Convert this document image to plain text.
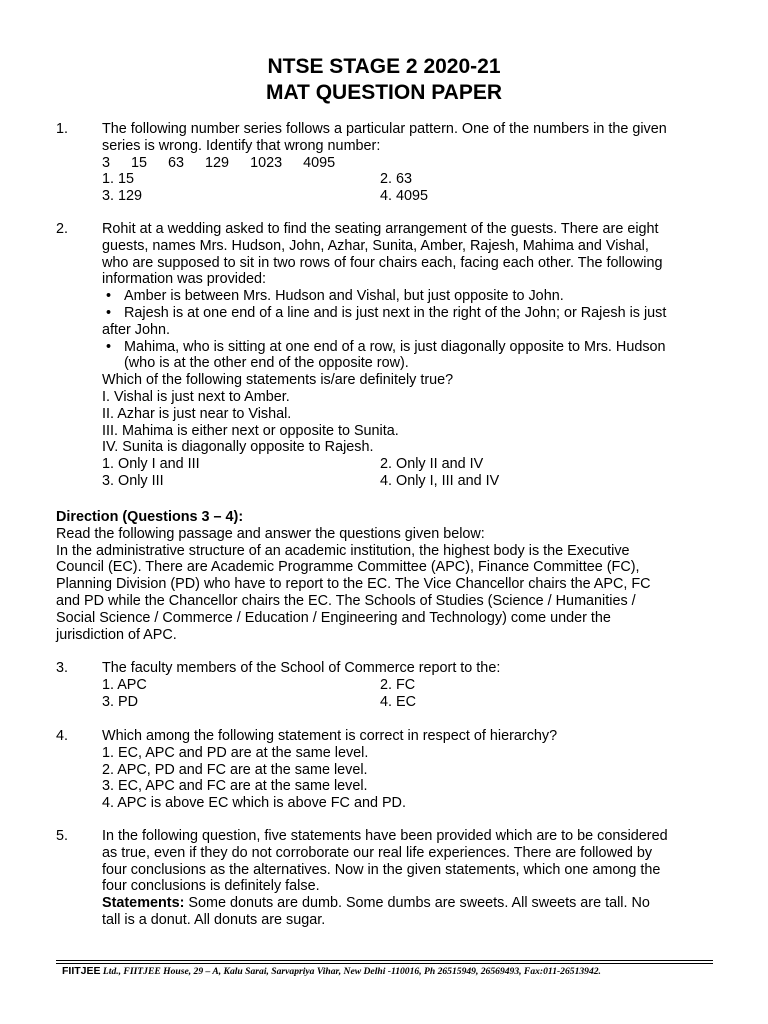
NTSE STAGE 2 2020-21
MAT QUESTION PAPER
1. The following number series follows a particular pattern. One of the numbers in the given
series is wrong. Identify that wrong number:
3 15 63 129 1023 4095
1. 15	2. 63
3. 129	4. 4095
2. Rohit at a wedding asked to find the seating arrangement of the guests. There are eight
guests, names Mrs. Hudson, John, Azhar, Sunita, Amber, Rajesh, Mahima and Vishal,
who are supposed to sit in two rows of four chairs each, facing each other. The following
information was provided:
• Amber is between Mrs. Hudson and Vishal, but just opposite to John.
• Rajesh is at one end of a line and is just next in the right of the John; or Rajesh is just
after John.
• Mahima, who is sitting at one end of a row, is just diagonally opposite to Mrs. Hudson
(who is at the other end of the opposite row).
Which of the following statements is/are definitely true?
I. Vishal is just next to Amber.
II. Azhar is just near to Vishal.
III. Mahima is either next or opposite to Sunita.
IV. Sunita is diagonally opposite to Rajesh.
1. Only I and III	2. Only II and IV
3. Only III	4. Only I, III and IV
Direction (Questions 3 – 4):
Read the following passage and answer the questions given below:
In the administrative structure of an academic institution, the highest body is the Executive
Council (EC). There are Academic Programme Committee (APC), Finance Committee (FC),
Planning Division (PD) who have to report to the EC. The Vice Chancellor chairs the APC, FC
and PD while the Chancellor chairs the EC. The Schools of Studies (Science / Humanities /
Social Science / Commerce / Education / Engineering and Technology) come under the
jurisdiction of APC.
3. The faculty members of the School of Commerce report to the:
1. APC	2. FC
3. PD	4. EC
4. Which among the following statement is correct in respect of hierarchy?
1. EC, APC and PD are at the same level.
2. APC, PD and FC are at the same level.
3. EC, APC and FC are at the same level.
4. APC is above EC which is above FC and PD.
5. In the following question, five statements have been provided which are to be considered
as true, even if they do not corroborate our real life experiences. There are followed by
four conclusions as the alternatives. Now in the given statements, which one among the
four conclusions is definitely false.
Statements: Some donuts are dumb. Some dumbs are sweets. All sweets are tall. No
tall is a donut. All donuts are sugar.
FIITJEE Ltd., FIITJEE House, 29 – A, Kalu Sarai, Sarvapriya Vihar, New Delhi -110016, Ph 26515949, 26569493, Fax:011-26513942.
